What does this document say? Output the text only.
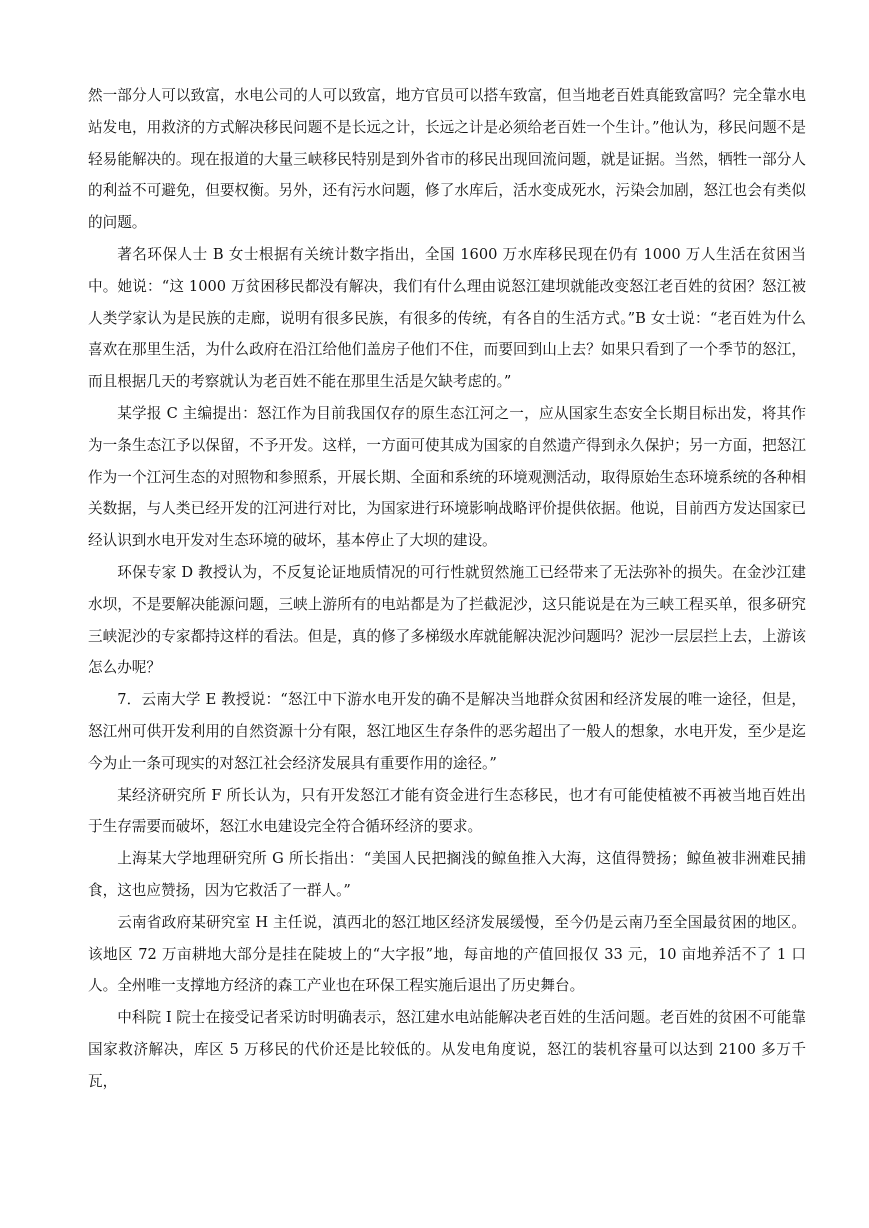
然一部分人可以致富，水电公司的人可以致富，地方官员可以搭车致富，但当地老百姓真能致富吗？完全靠水电站发电，用救济的方式解决移民问题不是长远之计，长远之计是必须给老百姓一个生计。”他认为，移民问题不是轻易能解决的。现在报道的大量三峡移民特别是到外省市的移民出现回流问题，就是证据。当然，牺牲一部分人的利益不可避免，但要权衡。另外，还有污水问题，修了水库后，活水变成死水，污染会加剧，怒江也会有类似的问题。

著名环保人士 B 女士根据有关统计数字指出，全国 1600 万水库移民现在仍有 1000 万人生活在贫困当中。她说：“这 1000 万贫困移民都没有解决，我们有什么理由说怒江建坝就能改变怒江老百姓的贫困？怒江被人类学家认为是民族的走廊，说明有很多民族，有很多的传统，有各自的生活方式。”B 女士说：“老百姓为什么喜欢在那里生活，为什么政府在沿江给他们盖房子他们不住，而要回到山上去？如果只看到了一个季节的怒江，而且根据几天的考察就认为老百姓不能在那里生活是欠缺考虑的。”

某学报 C 主编提出：怒江作为目前我国仅存的原生态江河之一，应从国家生态安全长期目标出发，将其作为一条生态江予以保留，不予开发。这样，一方面可使其成为国家的自然遗产得到永久保护；另一方面，把怒江作为一个江河生态的对照物和参照系，开展长期、全面和系统的环境观测活动，取得原始生态环境系统的各种相关数据，与人类已经开发的江河进行对比，为国家进行环境影响战略评价提供依据。他说，目前西方发达国家已经认识到水电开发对生态环境的破坏，基本停止了大坝的建设。

环保专家 D 教授认为，不反复论证地质情况的可行性就贸然施工已经带来了无法弥补的损失。在金沙江建水坝，不是要解决能源问题，三峡上游所有的电站都是为了拦截泥沙，这只能说是在为三峡工程买单，很多研究三峡泥沙的专家都持这样的看法。但是，真的修了多梯级水库就能解决泥沙问题吗？泥沙一层层拦上去，上游该怎么办呢？

7．云南大学 E 教授说：“怒江中下游水电开发的确不是解决当地群众贫困和经济发展的唯一途径，但是，怒江州可供开发利用的自然资源十分有限，怒江地区生存条件的恶劣超出了一般人的想象，水电开发，至少是迄今为止一条可现实的对怒江社会经济发展具有重要作用的途径。”

某经济研究所 F 所长认为，只有开发怒江才能有资金进行生态移民，也才有可能使植被不再被当地百姓出于生存需要而破坏，怒江水电建设完全符合循环经济的要求。

上海某大学地理研究所 G 所长指出：“美国人民把搁浅的鲸鱼推入大海，这值得赞扬；鲸鱼被非洲难民捕食，这也应赞扬，因为它救活了一群人。”

云南省政府某研究室 H 主任说，滇西北的怒江地区经济发展缓慢，至今仍是云南乃至全国最贫困的地区。该地区 72 万亩耕地大部分是挂在陡坡上的“大字报”地，每亩地的产值回报仅 33 元，10 亩地养活不了 1 口人。全州唯一支撑地方经济的森工产业也在环保工程实施后退出了历史舞台。

中科院 I 院士在接受记者采访时明确表示，怒江建水电站能解决老百姓的生活问题。老百姓的贫困不可能靠国家救济解决，库区 5 万移民的代价还是比较低的。从发电角度说，怒江的装机容量可以达到 2100 多万千瓦，
